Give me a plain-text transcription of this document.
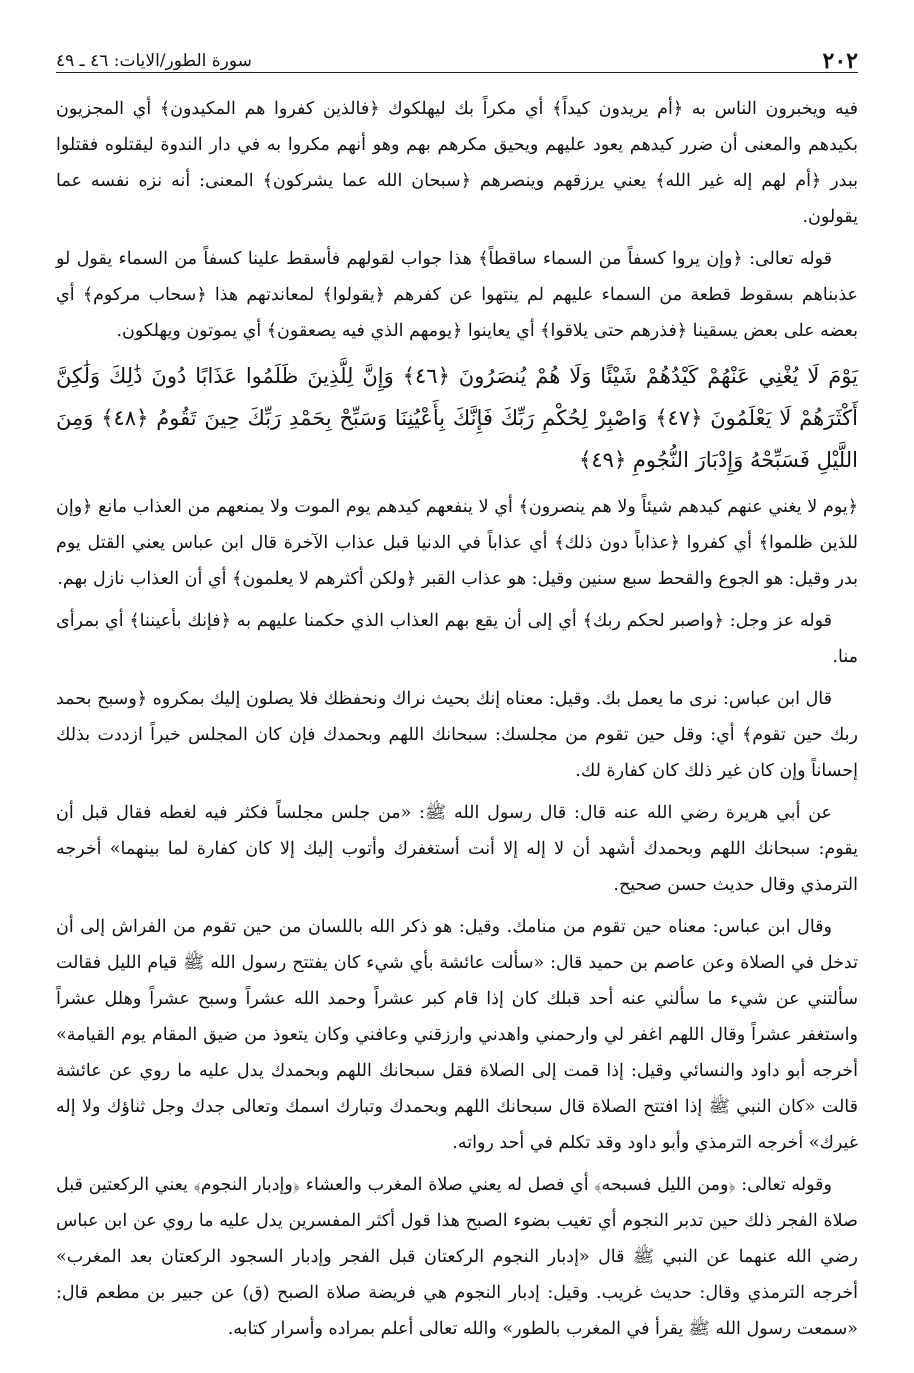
٢٠٢
سورة الطور/الايات: ٤٦ ـ ٤٩

فيه ويخبرون الناس به ﴿أم يريدون كيداً﴾ أي مكراً بك ليهلكوك ﴿فالذين كفروا هم المكيدون﴾ أي المجزيون بكيدهم والمعنى أن ضرر كيدهم يعود عليهم ويحيق مكرهم بهم وهو أنهم مكروا به في دار الندوة ليقتلوه فقتلوا ببدر ﴿أم لهم إله غير الله﴾ يعني يرزقهم وينصرهم ﴿سبحان الله عما يشركون﴾ المعنى: أنه نزه نفسه عما يقولون.

قوله تعالى: ﴿وإن يروا كسفاً من السماء ساقطاً﴾ هذا جواب لقولهم فأسقط علينا كسفاً من السماء يقول لو عذبناهم بسقوط قطعة من السماء عليهم لم ينتهوا عن كفرهم ﴿يقولوا﴾ لمعاندتهم هذا ﴿سحاب مركوم﴾ أي بعضه على بعض يسقينا ﴿فذرهم حتى يلاقوا﴾ أي يعاينوا ﴿يومهم الذي فيه يصعقون﴾ أي يموتون ويهلكون.

يَوْمَ لَا يُغْنِي عَنْهُمْ كَيْدُهُمْ شَيْئًا وَلَا هُمْ يُنصَرُونَ ﴿٤٦﴾ وَإِنَّ لِلَّذِينَ ظَلَمُوا عَذَابًا دُونَ ذَٰلِكَ وَلَٰكِنَّ أَكْثَرَهُمْ لَا يَعْلَمُونَ ﴿٤٧﴾ وَاصْبِرْ لِحُكْمِ رَبِّكَ فَإِنَّكَ بِأَعْيُنِنَا وَسَبِّحْ بِحَمْدِ رَبِّكَ حِينَ تَقُومُ ﴿٤٨﴾ وَمِنَ اللَّيْلِ فَسَبِّحْهُ وَإِدْبَارَ النُّجُومِ ﴿٤٩﴾

﴿يوم لا يغني عنهم كيدهم شيئاً ولا هم ينصرون﴾ أي لا ينفعهم كيدهم يوم الموت ولا يمنعهم من العذاب مانع ﴿وإن للذين ظلموا﴾ أي كفروا ﴿عذاباً دون ذلك﴾ أي عذاباً في الدنيا قبل عذاب الآخرة قال ابن عباس يعني القتل يوم بدر وقيل: هو الجوع والقحط سبع سنين وقيل: هو عذاب القبر ﴿ولكن أكثرهم لا يعلمون﴾ أي أن العذاب نازل بهم.

قوله عز وجل: ﴿واصبر لحكم ربك﴾ أي إلى أن يقع بهم العذاب الذي حكمنا عليهم به ﴿فإنك بأعيننا﴾ أي بمرأى منا.

قال ابن عباس: نرى ما يعمل بك. وقيل: معناه إنك بحيث نراك ونحفظك فلا يصلون إليك بمكروه ﴿وسبح بحمد ربك حين تقوم﴾ أي: وقل حين تقوم من مجلسك: سبحانك اللهم وبحمدك فإن كان المجلس خيراً ازددت بذلك إحساناً وإن كان غير ذلك كان كفارة لك.

عن أبي هريرة رضي الله عنه قال: قال رسول الله ﷺ: «من جلس مجلساً فكثر فيه لغطه فقال قبل أن يقوم: سبحانك اللهم وبحمدك أشهد أن لا إله إلا أنت أستغفرك وأتوب إليك إلا كان كفارة لما بينهما» أخرجه الترمذي وقال حديث حسن صحيح.

وقال ابن عباس: معناه حين تقوم من منامك. وقيل: هو ذكر الله باللسان من حين تقوم من الفراش إلى أن تدخل في الصلاة وعن عاصم بن حميد قال: «سألت عائشة بأي شيء كان يفتتح رسول الله ﷺ قيام الليل فقالت سألتني عن شيء ما سألني عنه أحد قبلك كان إذا قام كبر عشراً وحمد الله عشراً وسبح عشراً وهلل عشراً واستغفر عشراً وقال اللهم اغفر لي وارحمني واهدني وارزقني وعافني وكان يتعوذ من ضيق المقام يوم القيامة» أخرجه أبو داود والنسائي وقيل: إذا قمت إلى الصلاة فقل سبحانك اللهم وبحمدك يدل عليه ما روي عن عائشة قالت «كان النبي ﷺ إذا افتتح الصلاة قال سبحانك اللهم وبحمدك وتبارك اسمك وتعالى جدك وجل ثناؤك ولا إله غيرك» أخرجه الترمذي وأبو داود وقد تكلم في أحد رواته.

وقوله تعالى: ﴿ومن الليل فسبحه﴾ أي فصل له يعني صلاة المغرب والعشاء ﴿وإدبار النجوم﴾ يعني الركعتين قبل صلاة الفجر ذلك حين تدبر النجوم أي تغيب بضوء الصبح هذا قول أكثر المفسرين يدل عليه ما روي عن ابن عباس رضي الله عنهما عن النبي ﷺ قال «إدبار النجوم الركعتان قبل الفجر وإدبار السجود الركعتان بعد المغرب» أخرجه الترمذي وقال: حديث غريب. وقيل: إدبار النجوم هي فريضة صلاة الصبح (ق) عن جبير بن مطعم قال: «سمعت رسول الله ﷺ يقرأ في المغرب بالطور» والله تعالى أعلم بمراده وأسرار كتابه.
